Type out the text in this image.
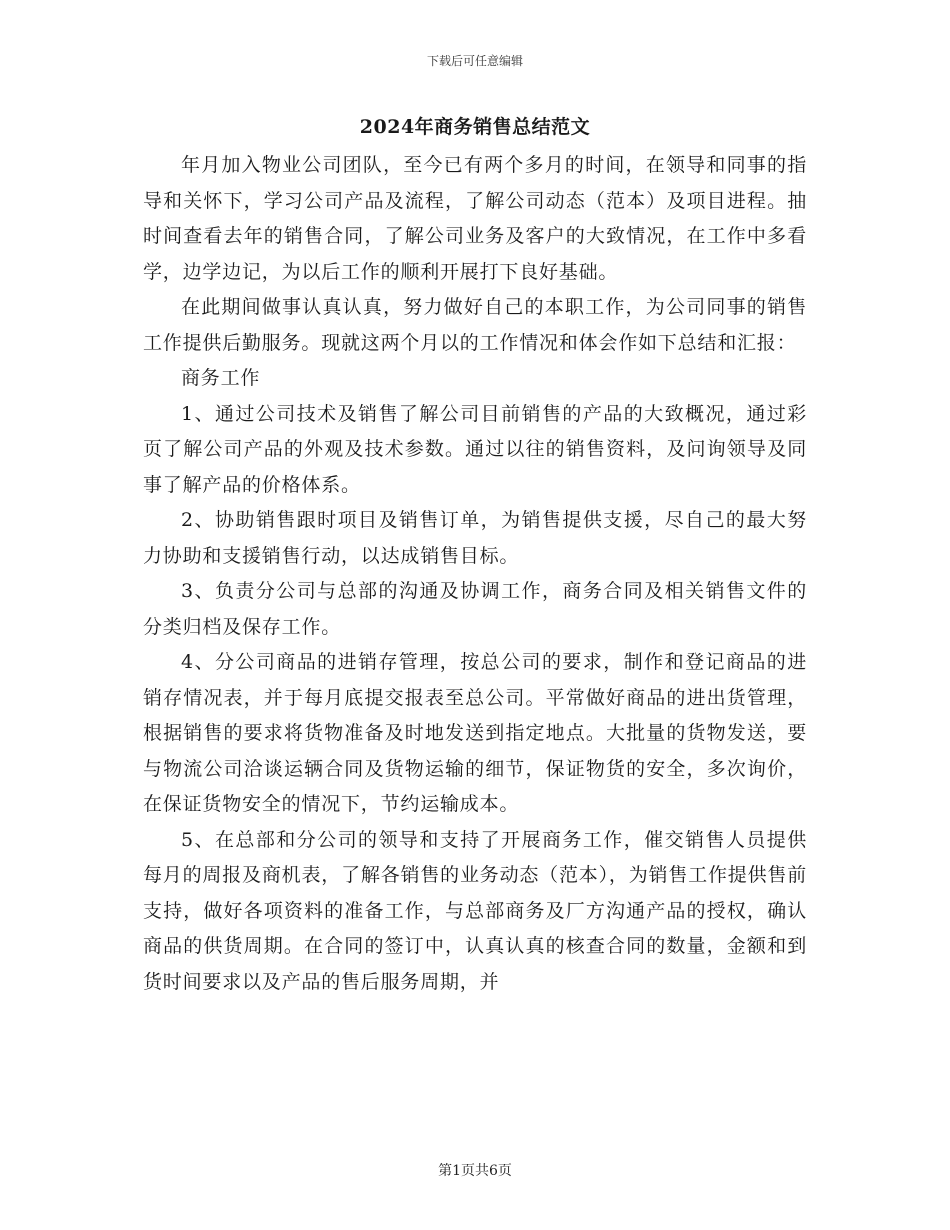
下载后可任意编辑
2024年商务销售总结范文

年月加入物业公司团队，至今已有两个多月的时间，在领导和同事的指导和关怀下，学习公司产品及流程，了解公司动态（范本）及项目进程。抽时间查看去年的销售合同，了解公司业务及客户的大致情况，在工作中多看学，边学边记，为以后工作的顺利开展打下良好基础。

在此期间做事认真认真，努力做好自己的本职工作，为公司同事的销售工作提供后勤服务。现就这两个月以的工作情况和体会作如下总结和汇报：

商务工作

1、通过公司技术及销售了解公司目前销售的产品的大致概况，通过彩页了解公司产品的外观及技术参数。通过以往的销售资料，及问询领导及同事了解产品的价格体系。

2、协助销售跟时项目及销售订单，为销售提供支援，尽自己的最大努力协助和支援销售行动，以达成销售目标。

3、负责分公司与总部的沟通及协调工作，商务合同及相关销售文件的分类归档及保存工作。

4、分公司商品的进销存管理，按总公司的要求，制作和登记商品的进销存情况表，并于每月底提交报表至总公司。平常做好商品的进出货管理，根据销售的要求将货物准备及时地发送到指定地点。大批量的货物发送，要与物流公司洽谈运辆合同及货物运输的细节，保证物货的安全，多次询价，在保证货物安全的情况下，节约运输成本。

5、在总部和分公司的领导和支持了开展商务工作，催交销售人员提供每月的周报及商机表，了解各销售的业务动态（范本），为销售工作提供售前支持，做好各项资料的准备工作，与总部商务及厂方沟通产品的授权，确认商品的供货周期。在合同的签订中，认真认真的核查合同的数量，金额和到货时间要求以及产品的售后服务周期，并

第1页共6页
